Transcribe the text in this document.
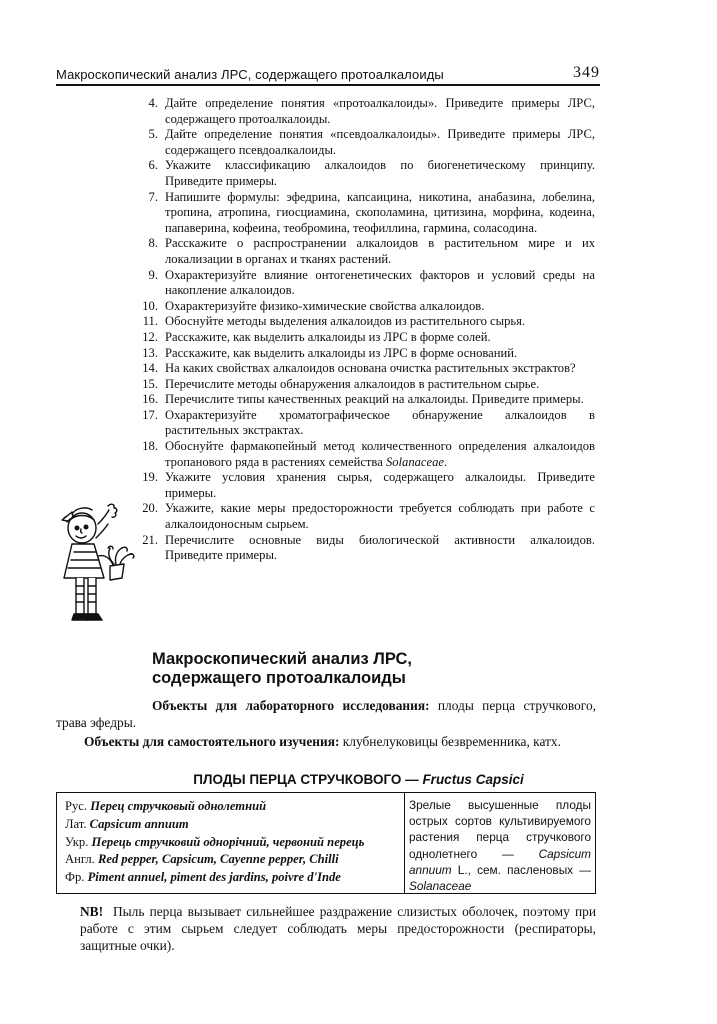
Макроскопический анализ ЛРС, содержащего протоалкалоиды	349
4. Дайте определение понятия «протоалкалоиды». Приведите примеры ЛРС, содержащего протоалкалоиды.
5. Дайте определение понятия «псевдоалкалоиды». Приведите примеры ЛРС, содержащего псевдоалкалоиды.
6. Укажите классификацию алкалоидов по биогенетическому принципу. Приведите примеры.
7. Напишите формулы: эфедрина, капсаицина, никотина, анабазина, лобелина, тропина, атропина, гиосциамина, скополамина, цитизина, морфина, кодеина, папаверина, кофеина, теобромина, теофиллина, гармина, соласодина.
8. Расскажите о распространении алкалоидов в растительном мире и их локализации в органах и тканях растений.
9. Охарактеризуйте влияние онтогенетических факторов и условий среды на накопление алкалоидов.
10. Охарактеризуйте физико-химические свойства алкалоидов.
11. Обоснуйте методы выделения алкалоидов из растительного сырья.
12. Расскажите, как выделить алкалоиды из ЛРС в форме солей.
13. Расскажите, как выделить алкалоиды из ЛРС в форме оснований.
14. На каких свойствах алкалоидов основана очистка растительных экстрактов?
15. Перечислите методы обнаружения алкалоидов в растительном сырье.
16. Перечислите типы качественных реакций на алкалоиды. Приведите примеры.
17. Охарактеризуйте хроматографическое обнаружение алкалоидов в растительных экстрактах.
18. Обоснуйте фармакопейный метод количественного определения алкалоидов тропанового ряда в растениях семейства Solanaceae.
19. Укажите условия хранения сырья, содержащего алкалоиды. Приведите примеры.
20. Укажите, какие меры предосторожности требуется соблюдать при работе с алкалоидоносным сырьем.
21. Перечислите основные виды биологической активности алкалоидов. Приведите примеры.
Макроскопический анализ ЛРС,
содержащего протоалкалоиды

Объекты для лабораторного исследования: плоды перца стручкового, трава эфедры.

Объекты для самостоятельного изучения: клубнелуковицы безвременника, катх.

ПЛОДЫ ПЕРЦА СТРУЧКОВОГО — Fructus Capsici
Рус. Перец стручковый однолетний
Лат. Capsicum annuum
Укр. Перець стручковий однорічний, червоний перець
Англ. Red pepper, Capsicum, Cayenne pepper, Chilli
Фр. Piment annuel, piment des jardins, poivre d'Inde
Зрелые высушенные плоды острых сортов культивируемого растения перца стручкового однолетнего — Capsicum annuum L., сем. пасленовых — Solanaceae

NB! Пыль перца вызывает сильнейшее раздражение слизистых оболочек, поэтому при работе с этим сырьем следует соблюдать меры предосторожности (респираторы, защитные очки).
